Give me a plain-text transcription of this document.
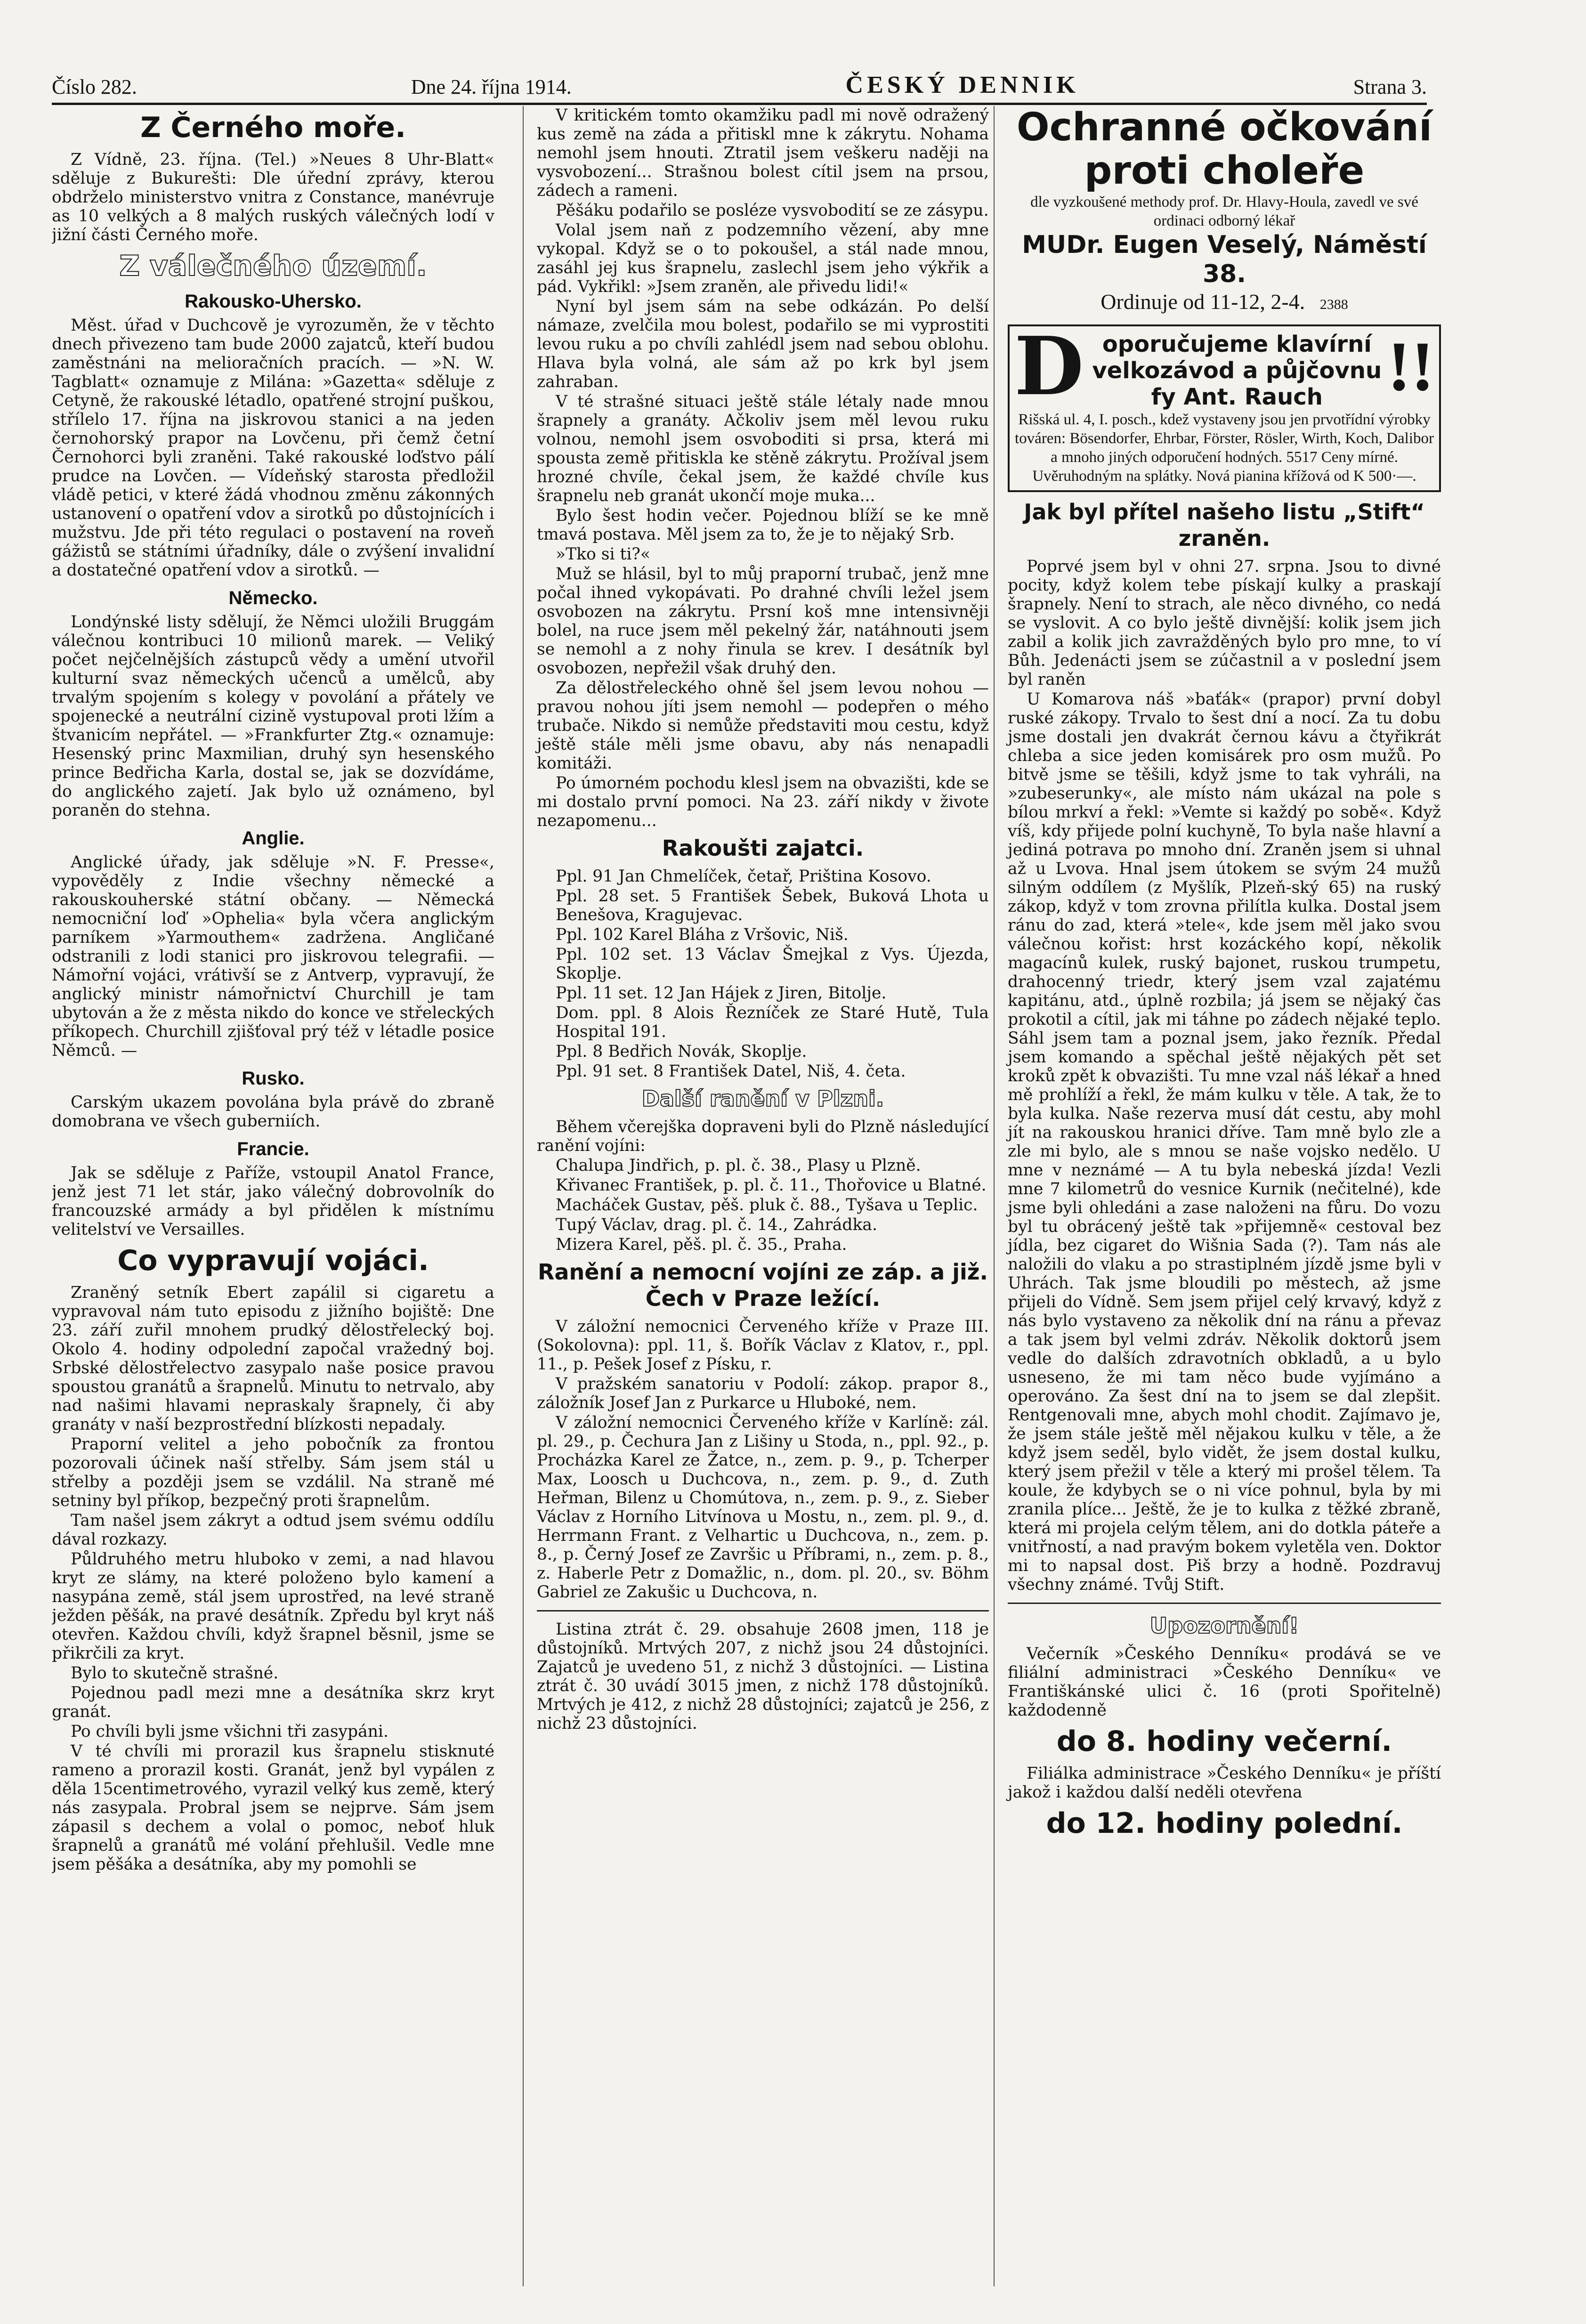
Číslo 282.	Dne 24. října 1914.	ČESKÝ DENNIK	Strana 3.
Z Černého moře.

Z Vídně, 23. října. (Tel.) »Neues 8 Uhr-Blatt« sděluje z Bukurešti: Dle úřední zprávy, kterou obdrželo ministerstvo vnitra z Constance, manévruje as 10 velkých a 8 malých ruských válečných lodí v jižní části Černého moře.

Z válečného území.
Rakousko-Uhersko.

Měst. úřad v Duchcově je vyrozuměn, že v těchto dnech přivezeno tam bude 2000 zajatců, kteří budou zaměstnáni na melioračních pracích. — »N. W. Tagblatt« oznamuje z Milána: »Gazetta« sděluje z Cetyně, že rakouské létadlo, opatřené strojní puškou, střílelo 17. října na jiskrovou stanici a na jeden černohorský prapor na Lovčenu, při čemž četní Černohorci byli zraněni. Také rakouské loďstvo pálí prudce na Lovčen. — Vídeňský starosta předložil vládě petici, v které žádá vhodnou změnu zákonných ustanovení o opatření vdov a sirotků po důstojnících i mužstvu. Jde při této regulaci o postavení na roveň gážistů se státními úřadníky, dále o zvýšení invalidní a dostatečné opatření vdov a sirotků. —

Německo.

Londýnské listy sdělují, že Němci uložili Bruggám válečnou kontribuci 10 milionů marek. — Veliký počet nejčelnějších zástupců vědy a umění utvořil kulturní svaz německých učenců a umělců, aby trvalým spojením s kolegy v povolání a přátely ve spojenecké a neutrální cizině vystupoval proti lžím a štvanicím nepřátel. — »Frankfurter Ztg.« oznamuje: Hesenský princ Maxmilian, druhý syn hesenského prince Bedřicha Karla, dostal se, jak se dozvídáme, do anglického zajetí. Jak bylo už oznámeno, byl poraněn do stehna.

Anglie.

Anglické úřady, jak sděluje »N. F. Presse«, vypověděly z Indie všechny německé a rakouskouherské státní občany. — Německá nemocniční loď »Ophelia« byla včera anglickým parníkem »Yarmouthem« zadržena. Angličané odstranili z lodi stanici pro jiskrovou telegrafii. — Námořní vojáci, vrátivší se z Antverp, vypravují, že anglický ministr námořnictví Churchill je tam ubytován a že z města nikdo do konce ve střeleckých příkopech. Churchill zjišťoval prý též v létadle posice Němců. —

Rusko.

Carským ukazem povolána byla právě do zbraně domobrana ve všech guberniích.

Francie.

Jak se sděluje z Paříže, vstoupil Anatol France, jenž jest 71 let stár, jako válečný dobrovolník do francouzské armády a byl přidělen k místnímu velitelství ve Versailles.

Co vypravují vojáci.

Zraněný setník Ebert zapálil si cigaretu a vypravoval nám tuto episodu z jižního bojiště: Dne 23. září zuřil mnohem prudký dělostřelecký boj. Okolo 4. hodiny odpolední započal vražedný boj. Srbské dělostřelectvo zasypalo naše posice pravou spoustou granátů a šrapnelů. Minutu to netrvalo, aby nad našimi hlavami nepraskaly šrapnely, či aby granáty v naší bezprostřední blízkosti nepadaly.

Praporní velitel a jeho pobočník za frontou pozorovali účinek naší střelby. Sám jsem stál u střelby a později jsem se vzdálil. Na straně mé setniny byl příkop, bezpečný proti šrapnelům.

Tam našel jsem zákryt a odtud jsem svému oddílu dával rozkazy.

Půldruhého metru hluboko v zemi, a nad hlavou kryt ze slámy, na které položeno bylo kamení a nasypána země, stál jsem uprostřed, na levé straně ježden pěšák, na pravé desátník. Zpředu byl kryt náš otevřen. Každou chvíli, když šrapnel běsnil, jsme se přikrčili za kryt.

Bylo to skutečně strašné.

Pojednou padl mezi mne a desátníka skrz kryt granát.

Po chvíli byli jsme všichni tři zasypáni.

V té chvíli mi prorazil kus šrapnelu stisknuté rameno a prorazil kosti. Granát, jenž byl vypálen z děla 15centimetrového, vyrazil velký kus země, který nás zasypala. Probral jsem se nejprve. Sám jsem zápasil s dechem a volal o pomoc, neboť hluk šrapnelů a granátů mé volání přehlušil. Vedle mne jsem pěšáka a desátníka, aby my pomohli se

V kritickém tomto okamžiku padl mi nově odražený kus země na záda a přitiskl mne k zákrytu. Nohama nemohl jsem hnouti. Ztratil jsem veškeru naději na vysvobození... Strašnou bolest cítil jsem na prsou, zádech a rameni.

Pěšáku podařilo se posléze vysvobodití se ze zásypu.

Volal jsem naň z podzemního vězení, aby mne vykopal. Když se o to pokoušel, a stál nade mnou, zasáhl jej kus šrapnelu, zaslechl jsem jeho výkřik a pád. Vykřikl: »Jsem zraněn, ale přivedu lidi!«

Nyní byl jsem sám na sebe odkázán. Po delší námaze, zvelčila mou bolest, podařilo se mi vyprostiti levou ruku a po chvíli zahlédl jsem nad sebou oblohu. Hlava byla volná, ale sám až po krk byl jsem zahraban.

V té strašné situaci ještě stále létaly nade mnou šrapnely a granáty. Ačkoliv jsem měl levou ruku volnou, nemohl jsem osvoboditi si prsa, která mi spousta země přitiskla ke stěně zákrytu. Prožíval jsem hrozné chvíle, čekal jsem, že každé chvíle kus šrapnelu neb granát ukončí moje muka...

Bylo šest hodin večer. Pojednou blíží se ke mně tmavá postava. Měl jsem za to, že je to nějaký Srb.

»Tko si ti?«

Muž se hlásil, byl to můj praporní trubač, jenž mne počal ihned vykopávati. Po drahné chvíli ležel jsem osvobozen na zákrytu. Prsní koš mne intensivněji bolel, na ruce jsem měl pekelný žár, natáhnouti jsem se nemohl a z nohy řinula se krev. I desátník byl osvobozen, nepřežil však druhý den.

Za dělostřeleckého ohně šel jsem levou nohou — pravou nohou jíti jsem nemohl — podepřen o mého trubače. Nikdo si nemůže představiti mou cestu, když ještě stále měli jsme obavu, aby nás nenapadli komitáži.

Po úmorném pochodu klesl jsem na obvazišti, kde se mi dostalo první pomoci. Na 23. září nikdy v živote nezapomenu...

Rakoušti zajatci.

Ppl. 91 Jan Chmelíček, četař, Priština Kosovo.

Ppl. 28 set. 5 František Šebek, Buková Lhota u Benešova, Kragujevac.

Ppl. 102 Karel Bláha z Vršovic, Niš.

Ppl. 102 set. 13 Václav Šmejkal z Vys. Újezda, Skoplje.

Ppl. 11 set. 12 Jan Hájek z Jiren, Bitolje.

Dom. ppl. 8 Alois Řezníček ze Staré Hutě, Tula Hospital 191.

Ppl. 8 Bedřich Novák, Skoplje.

Ppl. 91 set. 8 František Datel, Niš, 4. četa.

Další ranění v Plzni.

Během včerejška dopraveni byli do Plzně následující ranění vojíni:

Chalupa Jindřich, p. pl. č. 38., Plasy u Plzně.

Křivanec František, p. pl. č. 11., Thořovice u Blatné.

Macháček Gustav, pěš. pluk č. 88., Tyšava u Teplic.

Tupý Václav, drag. pl. č. 14., Zahrádka.

Mizera Karel, pěš. pl. č. 35., Praha.

Ranění a nemocní vojíni ze záp. a již. Čech v Praze ležící.

V záložní nemocnici Červeného kříže v Praze III. (Sokolovna): ppl. 11, š. Bořík Václav z Klatov, r., ppl. 11., p. Pešek Josef z Písku, r.

V pražském sanatoriu v Podolí: zákop. prapor 8., záložník Josef Jan z Purkarce u Hluboké, nem.

V záložní nemocnici Červeného kříže v Karlíně: zál. pl. 29., p. Čechura Jan z Lišiny u Stoda, n., ppl. 92., p. Procházka Karel ze Žatce, n., zem. p. 9., p. Tcherper Max, Loosch u Duchcova, n., zem. p. 9., d. Zuth Heřman, Bilenz u Chomútova, n., zem. p. 9., z. Sieber Václav z Horního Litvínova u Mostu, n., zem. pl. 9., d. Herrmann Frant. z Velhartic u Duchcova, n., zem. p. 8., p. Černý Josef ze Završic u Příbrami, n., zem. p. 8., z. Haberle Petr z Domažlic, n., dom. pl. 20., sv. Böhm Gabriel ze Zakušic u Duchcova, n.

Listina ztrát č. 29. obsahuje 2608 jmen, 118 je důstojníků. Mrtvých 207, z nichž jsou 24 důstojníci. Zajatců je uvedeno 51, z nichž 3 důstojníci. — Listina ztrát č. 30 uvádí 3015 jmen, z nichž 178 důstojníků. Mrtvých je 412, z nichž 28 důstojníci; zajatců je 256, z nichž 23 důstojníci.

Ochranné očkování
proti choleře
dle vyzkoušené methody prof. Dr. Hlavy-Houla, zavedl ve své ordinaci odborný lékař
MUDr. Eugen Veselý, Náměstí 38.
Ordinuje od 11-12, 2-4. 2388
D	!!
oporučujeme klavírní velkozávod a půjčovnu fy Ant. Rauch
Rišská ul. 4, I. posch., kdež vystaveny jsou jen prvotřídní výrobky továren: Bösendorfer, Ehrbar, Förster, Rösler, Wirth, Koch, Dalibor a mnoho jiných odporučení hodných. 5517 Ceny mírné. Uvěruhodným na splátky. Nová pianina křížová od K 500·—.
Jak byl přítel našeho listu „Stift“ zraněn.

Poprvé jsem byl v ohni 27. srpna. Jsou to divné pocity, když kolem tebe pískají kulky a praskají šrapnely. Není to strach, ale něco divného, co nedá se vyslovit. A co bylo ještě divnější: kolik jsem jich zabil a kolik jich zavražděných bylo pro mne, to ví Bůh. Jedenácti jsem se zúčastnil a v poslední jsem byl raněn

U Komarova náš »baťák« (prapor) první dobyl ruské zákopy. Trvalo to šest dní a nocí. Za tu dobu jsme dostali jen dvakrát černou kávu a čtyřikrát chleba a sice jeden komisárek pro osm mužů. Po bitvě jsme se těšili, když jsme to tak vyhráli, na »zubeserunky«, ale místo nám ukázal na pole s bílou mrkví a řekl: »Vemte si každý po sobě«. Když víš, kdy přijede polní kuchyně, To byla naše hlavní a jediná potrava po mnoho dní. Zraněn jsem si uhnal až u Lvova. Hnal jsem útokem se svým 24 mužů silným oddílem (z Myšlík, Plzeň-ský 65) na ruský zákop, když v tom zrovna přilítla kulka. Dostal jsem ránu do zad, která »tele«, kde jsem měl jako svou válečnou kořist: hrst kozáckého kopí, několik magacínů kulek, ruský bajonet, ruskou trumpetu, drahocenný triedr, který jsem vzal zajatému kapitánu, atd., úplně rozbila; já jsem se nějaký čas prokotil a cítil, jak mi táhne po zádech nějaké teplo. Sáhl jsem tam a poznal jsem, jako řezník. Předal jsem komando a spěchal ještě nějakých pět set kroků zpět k obvazišti. Tu mne vzal náš lékař a hned mě prohlíží a řekl, že mám kulku v těle. A tak, že to byla kulka. Naše rezerva musí dát cestu, aby mohl jít na rakouskou hranici dříve. Tam mně bylo zle a zle mi bylo, ale s mnou se naše vojsko nedělo. U mne v neznámé — A tu byla nebeská jízda! Vezli mne 7 kilometrů do vesnice Kurnik (nečitelné), kde jsme byli ohledáni a zase naloženi na fůru. Do vozu byl tu obrácený ještě tak »přijemně« cestoval bez jídla, bez cigaret do Wišnia Sada (?). Tam nás ale naložili do vlaku a po strastiplném jízdě jsme byli v Uhrách. Tak jsme bloudili po městech, až jsme přijeli do Vídně. Sem jsem přijel celý krvavý, když z nás bylo vystaveno za několik dní na ránu a převaz a tak jsem byl velmi zdráv. Několik doktorů jsem vedle do dalších zdravotních obkladů, a u bylo usneseno, že mi tam něco bude vyjímáno a operováno. Za šest dní na to jsem se dal zlepšit. Rentgenovali mne, abych mohl chodit. Zajímavo je, že jsem stále ještě měl nějakou kulku v těle, a že když jsem seděl, bylo vidět, že jsem dostal kulku, který jsem přežil v těle a který mi prošel tělem. Ta koule, že kdybych se o ni více pohnul, byla by mi zranila plíce... Ještě, že je to kulka z těžké zbraně, která mi projela celým tělem, ani do dotkla páteře a vnitřností, a nad pravým bokem vyletěla ven. Doktor mi to napsal dost. Piš brzy a hodně. Pozdravuj všechny známé. Tvůj Stift.

Upozornění!

Večerník »Českého Denníku« prodává se ve filiální administraci »Českého Denníku« ve Františkánské ulici č. 16 (proti Spořitelně) každodenně

do 8. hodiny večerní.

Filiálka administrace »Českého Denníku« je příští jakož i každou další neděli otevřena

do 12. hodiny polední.
